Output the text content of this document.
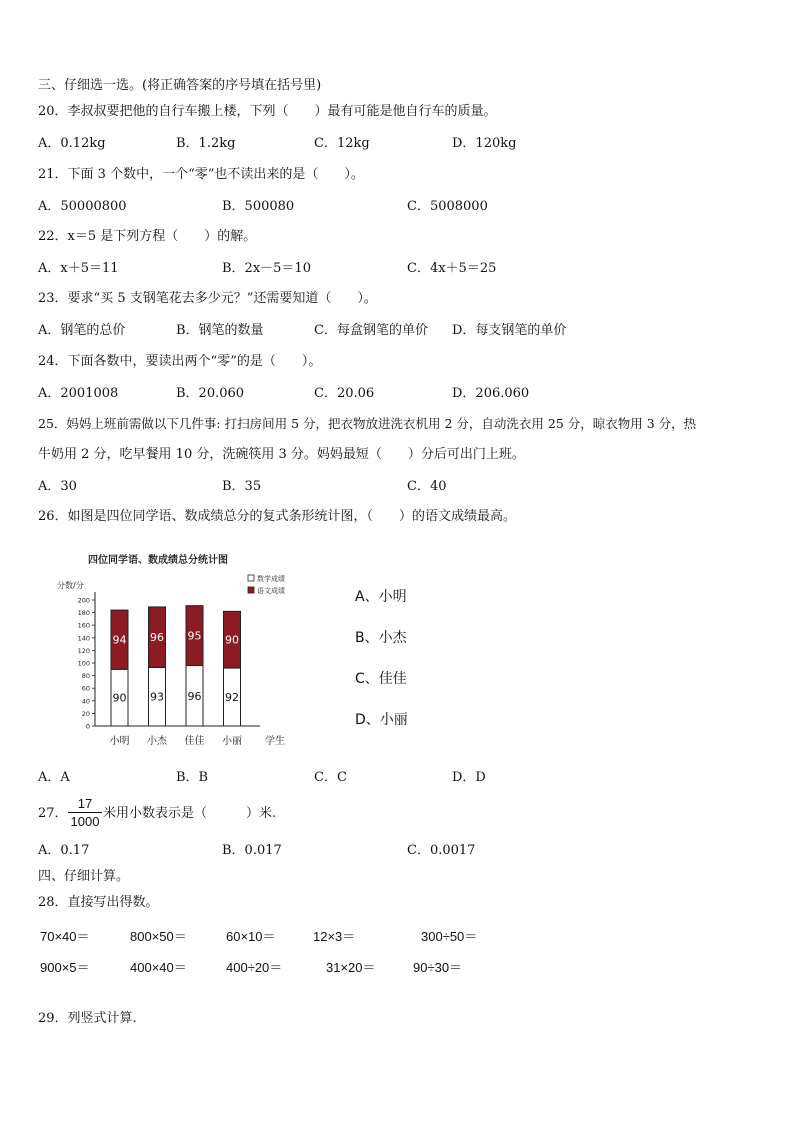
三、仔细选一选。(将正确答案的序号填在括号里)
20．李叔叔要把他的自行车搬上楼，下列（　　）最有可能是他自行车的质量。
A．0.12kg	B．1.2kg	C．12kg	D．120kg
21．下面 3 个数中，一个“零”也不读出来的是（　　）。
A．50000800	B．500080	C．5008000
22．x＝5 是下列方程（　　）的解。
A．x＋5＝11	B．2x－5＝10	C．4x＋5＝25
23．要求“买 5 支钢笔花去多少元？”还需要知道（　　）。
A．钢笔的总价	B．钢笔的数量	C．每盒钢笔的单价 D．每支钢笔的单价
24．下面各数中，要读出两个“零”的是（　　）。
A．2001008	B．20.060	C．20.06	D．206.060
25．妈妈上班前需做以下几件事: 打扫房间用 5 分，把衣物放进洗衣机用 2 分，自动洗衣用 25 分，晾衣物用 3 分，热
牛奶用 2 分，吃早餐用 10 分，洗碗筷用 3 分。妈妈最短（　　）分后可出门上班。
A．30	B．35	C．40
26．如图是四位同学语、数成绩总分的复式条形统计图，（　　）的语文成绩最高。
四位同学语、数成绩总分统计图
分数/分
0
20
40
60
80
100
120
140
160
180
200
学生
数学成绩
语文成绩
小明 小杰 佳佳 小丽
90
94
93
96
96
95
92
90
A、小明
B、小杰
C、佳佳
D、小丽
A．A	B．B	C．C	D．D
27．
17
1000
米用小数表示是（　　　）米.
A．0.17	B．0.017	C．0.0017
四、仔细计算。
28．直接写出得数。
70×40＝	800×50＝	60×10＝	12×3＝	300÷50＝
900×5＝	400×40＝	400÷20＝	31×20＝	90÷30＝
29．列竖式计算.
